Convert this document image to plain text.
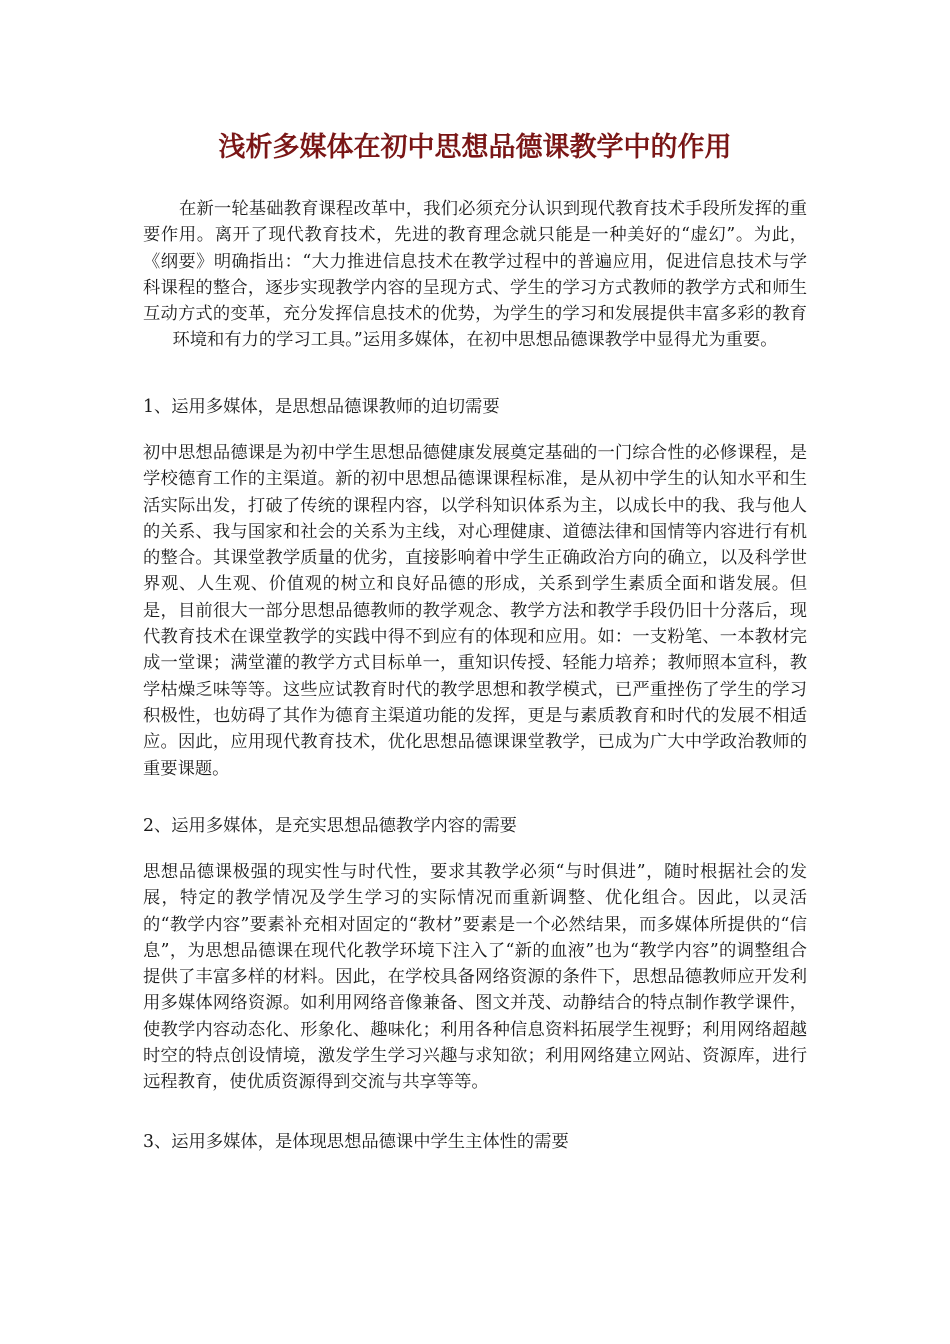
浅析多媒体在初中思想品德课教学中的作用

在新一轮基础教育课程改革中，我们必须充分认识到现代教育技术手段所发挥的重要作用。离开了现代教育技术，先进的教育理念就只能是一种美好的“虚幻”。为此，《纲要》明确指出：“大力推进信息技术在教学过程中的普遍应用，促进信息技术与学科课程的整合，逐步实现教学内容的呈现方式、学生的学习方式教师的教学方式和师生互动方式的变革，充分发挥信息技术的优势，为学生的学习和发展提供丰富多彩的教育环境和有力的学习工具。”运用多媒体，在初中思想品德课教学中显得尤为重要。

1、运用多媒体，是思想品德课教师的迫切需要

初中思想品德课是为初中学生思想品德健康发展奠定基础的一门综合性的必修课程，是学校德育工作的主渠道。新的初中思想品德课课程标准，是从初中学生的认知水平和生活实际出发，打破了传统的课程内容，以学科知识体系为主，以成长中的我、我与他人的关系、我与国家和社会的关系为主线，对心理健康、道德法律和国情等内容进行有机的整合。其课堂教学质量的优劣，直接影响着中学生正确政治方向的确立，以及科学世界观、人生观、价值观的树立和良好品德的形成，关系到学生素质全面和谐发展。但是，目前很大一部分思想品德教师的教学观念、教学方法和教学手段仍旧十分落后，现代教育技术在课堂教学的实践中得不到应有的体现和应用。如：一支粉笔、一本教材完成一堂课；满堂灌的教学方式目标单一，重知识传授、轻能力培养；教师照本宣科，教学枯燥乏味等等。这些应试教育时代的教学思想和教学模式，已严重挫伤了学生的学习积极性，也妨碍了其作为德育主渠道功能的发挥，更是与素质教育和时代的发展不相适应。因此，应用现代教育技术，优化思想品德课课堂教学，已成为广大中学政治教师的重要课题。

2、运用多媒体，是充实思想品德教学内容的需要

思想品德课极强的现实性与时代性，要求其教学必须“与时俱进”，随时根据社会的发展，特定的教学情况及学生学习的实际情况而重新调整、优化组合。因此，以灵活的“教学内容”要素补充相对固定的“教材”要素是一个必然结果，而多媒体所提供的“信息”，为思想品德课在现代化教学环境下注入了“新的血液”也为“教学内容”的调整组合提供了丰富多样的材料。因此，在学校具备网络资源的条件下，思想品德教师应开发利用多媒体网络资源。如利用网络音像兼备、图文并茂、动静结合的特点制作教学课件，使教学内容动态化、形象化、趣味化；利用各种信息资料拓展学生视野；利用网络超越时空的特点创设情境，激发学生学习兴趣与求知欲；利用网络建立网站、资源库，进行远程教育，使优质资源得到交流与共享等等。

3、运用多媒体，是体现思想品德课中学生主体性的需要
